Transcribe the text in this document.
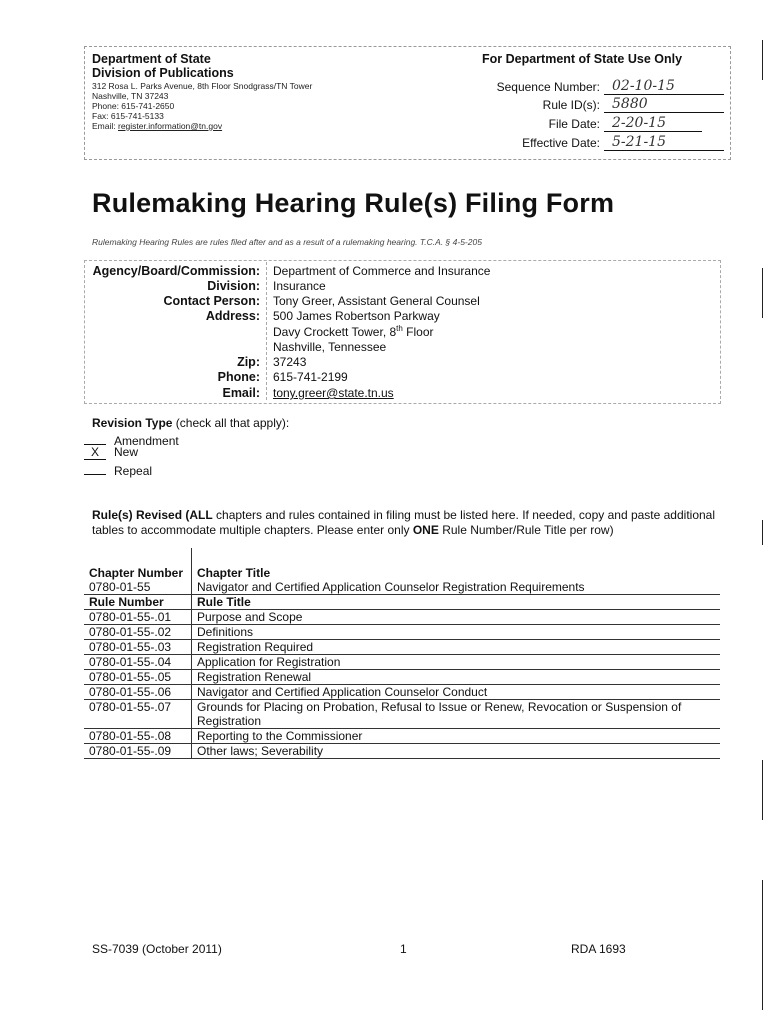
Department of State
Division of Publications
312 Rosa L. Parks Avenue, 8th Floor Snodgrass/TN Tower
Nashville, TN 37243
Phone: 615-741-2650
Fax: 615-741-5133
Email: register.information@tn.gov
For Department of State Use Only
Sequence Number: 02-10-15
Rule ID(s): 5880
File Date: 2-20-15
Effective Date: 5-21-15
Rulemaking Hearing Rule(s) Filing Form
Rulemaking Hearing Rules are rules filed after and as a result of a rulemaking hearing. T.C.A. § 4-5-205
Agency/Board/Commission: Department of Commerce and Insurance
Division: Insurance
Contact Person: Tony Greer, Assistant General Counsel
Address: 500 James Robertson Parkway
Davy Crockett Tower, 8th Floor
Nashville, Tennessee
Zip: 37243
Phone: 615-741-2199
Email: tony.greer@state.tn.us
Revision Type (check all that apply):
Amendment
X New
Repeal
Rule(s) Revised (ALL chapters and rules contained in filing must be listed here. If needed, copy and paste additional tables to accommodate multiple chapters. Please enter only ONE Rule Number/Rule Title per row)
Chapter Number	Chapter Title
0780-01-55	Navigator and Certified Application Counselor Registration Requirements
Rule Number	Rule Title
0780-01-55-.01	Purpose and Scope
0780-01-55-.02	Definitions
0780-01-55-.03	Registration Required
0780-01-55-.04	Application for Registration
0780-01-55-.05	Registration Renewal
0780-01-55-.06	Navigator and Certified Application Counselor Conduct
0780-01-55-.07	Grounds for Placing on Probation, Refusal to Issue or Renew, Revocation or Suspension of Registration
0780-01-55-.08	Reporting to the Commissioner
0780-01-55-.09	Other laws; Severability
SS-7039 (October 2011)	1	RDA 1693
